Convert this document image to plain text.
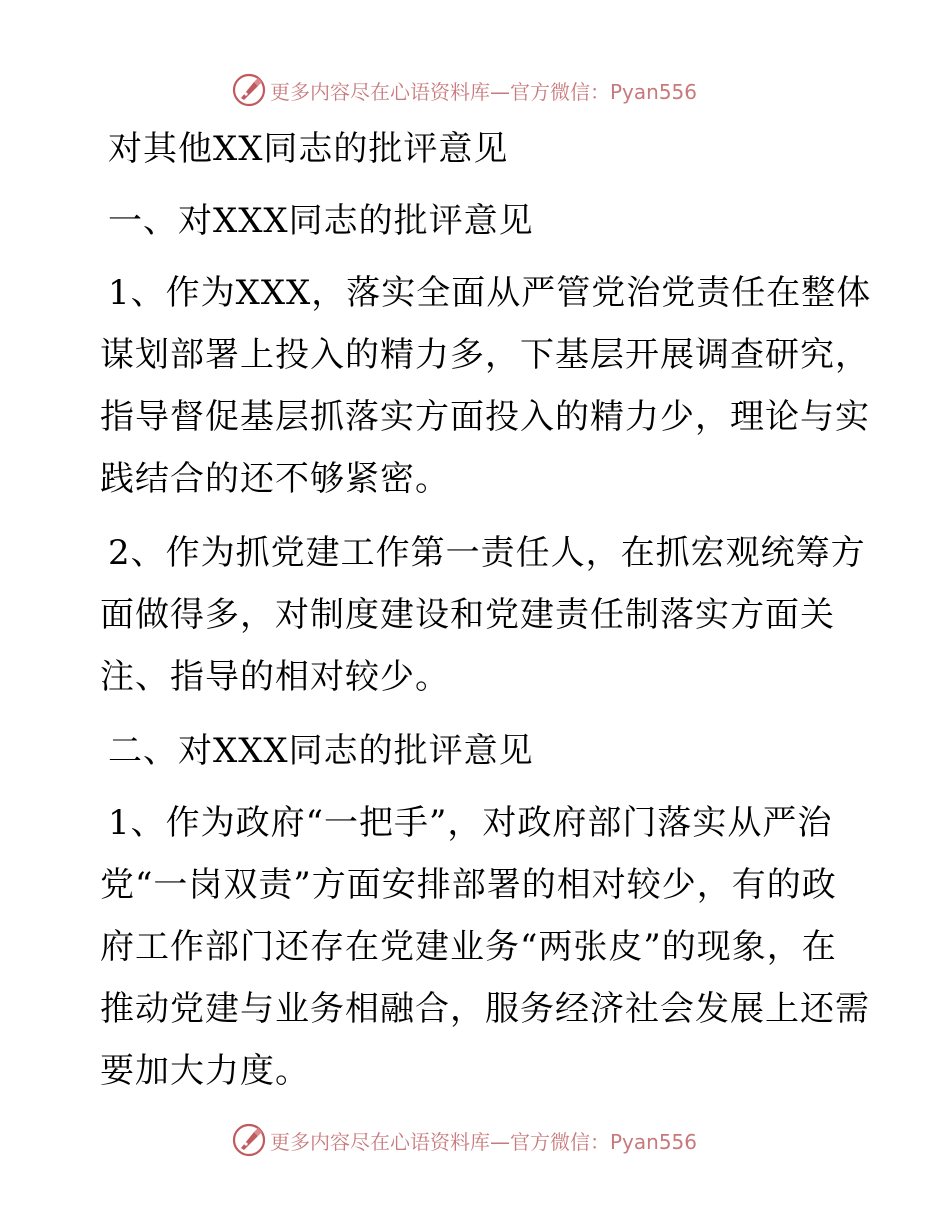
更多内容尽在心语资料库—官方微信：Pyan556

对其他XX同志的批评意见

一、对XXX同志的批评意见

1、作为XXX，落实全面从严管党治党责任在整体
谋划部署上投入的精力多，下基层开展调查研究，
指导督促基层抓落实方面投入的精力少，理论与实
践结合的还不够紧密。
2、作为抓党建工作第一责任人，在抓宏观统筹方
面做得多，对制度建设和党建责任制落实方面关
注、指导的相对较少。

二、对XXX同志的批评意见

1、作为政府“一把手”，对政府部门落实从严治
党“一岗双责”方面安排部署的相对较少，有的政
府工作部门还存在党建业务“两张皮”的现象，在
推动党建与业务相融合，服务经济社会发展上还需
要加大力度。
更多内容尽在心语资料库—官方微信：Pyan556
